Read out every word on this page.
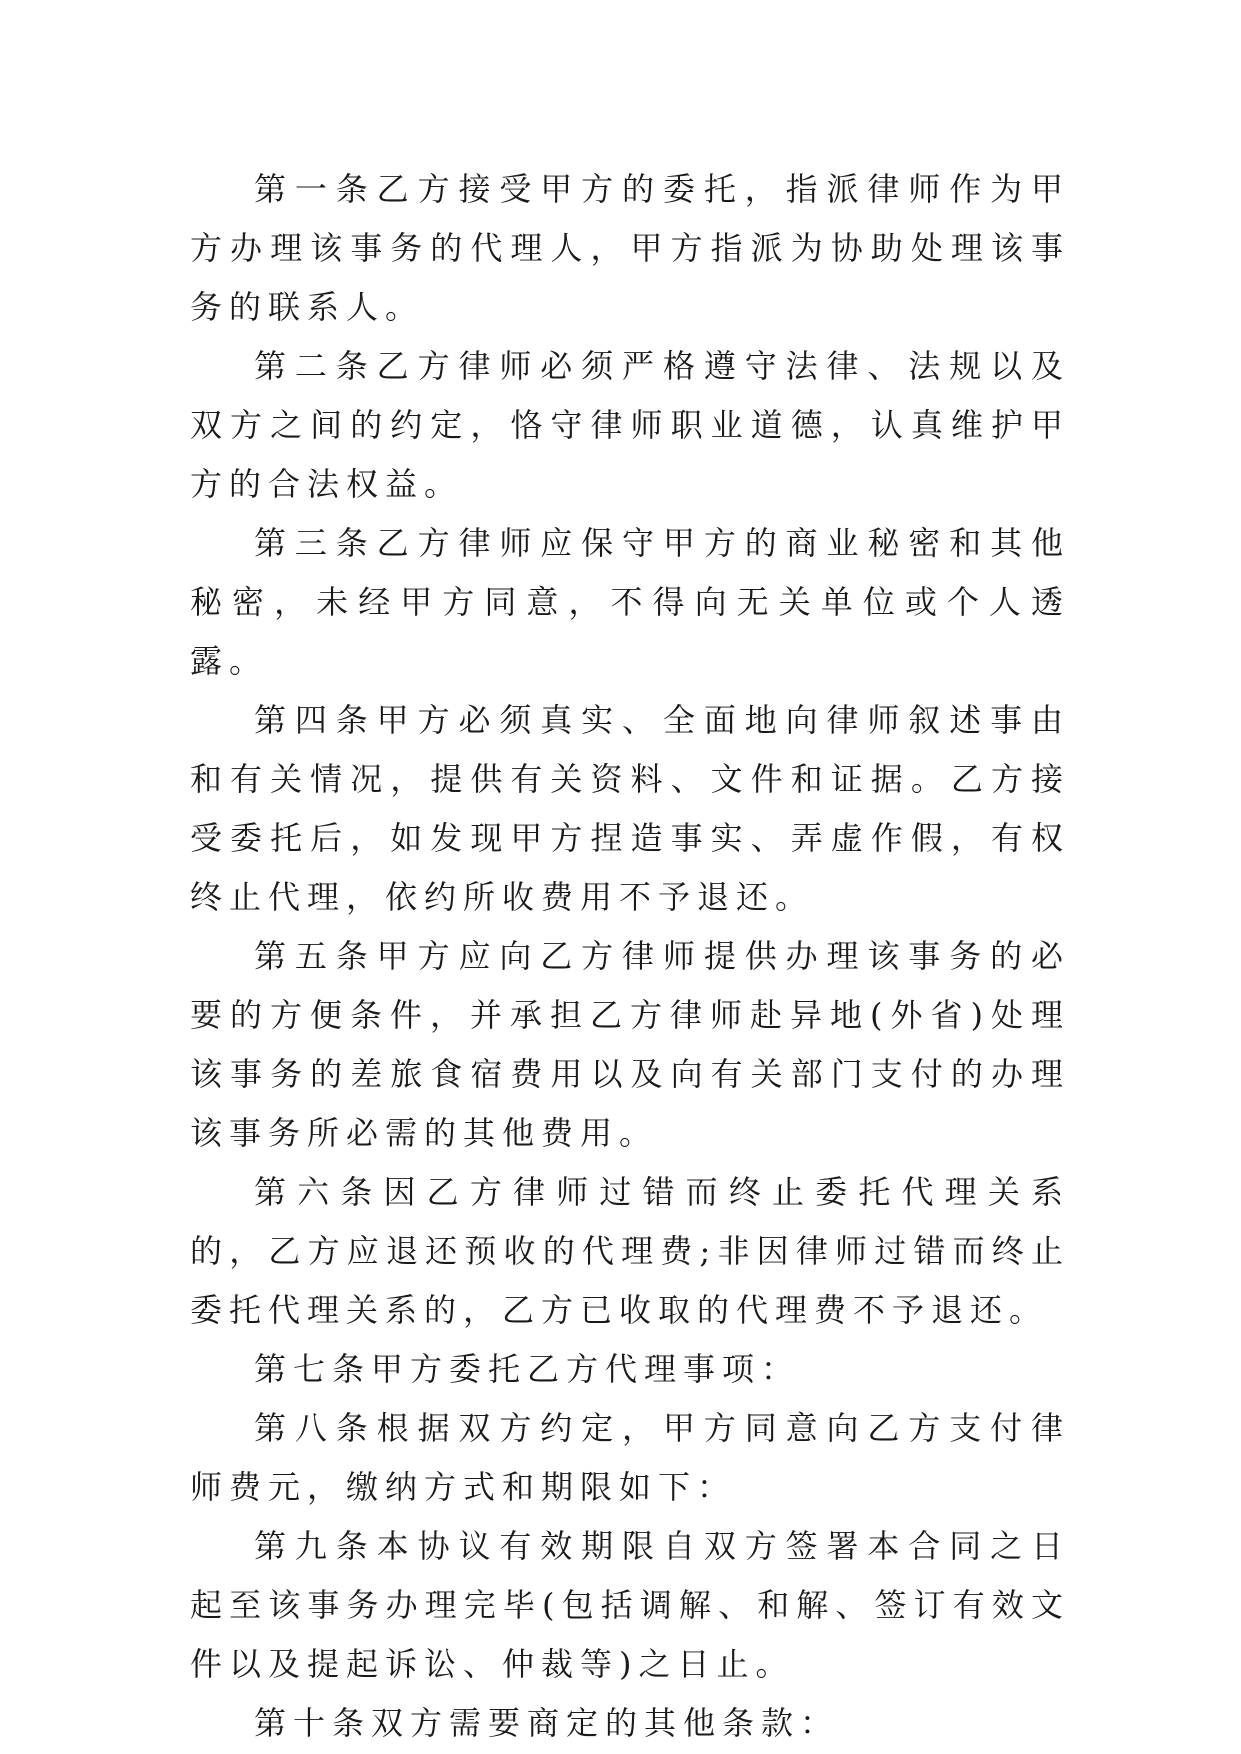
第一条乙方接受甲方的委托，指派律师作为甲方办理该事务的代理人，甲方指派为协助处理该事务的联系人。

第二条乙方律师必须严格遵守法律、法规以及双方之间的约定，恪守律师职业道德，认真维护甲方的合法权益。

第三条乙方律师应保守甲方的商业秘密和其他秘密，未经甲方同意，不得向无关单位或个人透露。

第四条甲方必须真实、全面地向律师叙述事由和有关情况，提供有关资料、文件和证据。乙方接受委托后，如发现甲方捏造事实、弄虚作假，有权终止代理，依约所收费用不予退还。

第五条甲方应向乙方律师提供办理该事务的必要的方便条件，并承担乙方律师赴异地(外省)处理该事务的差旅食宿费用以及向有关部门支付的办理该事务所必需的其他费用。

第六条因乙方律师过错而终止委托代理关系的，乙方应退还预收的代理费;非因律师过错而终止委托代理关系的，乙方已收取的代理费不予退还。

第七条甲方委托乙方代理事项：

第八条根据双方约定，甲方同意向乙方支付律师费元，缴纳方式和期限如下：

第九条本协议有效期限自双方签署本合同之日起至该事务办理完毕(包括调解、和解、签订有效文件以及提起诉讼、仲裁等)之日止。

第十条双方需要商定的其他条款：
